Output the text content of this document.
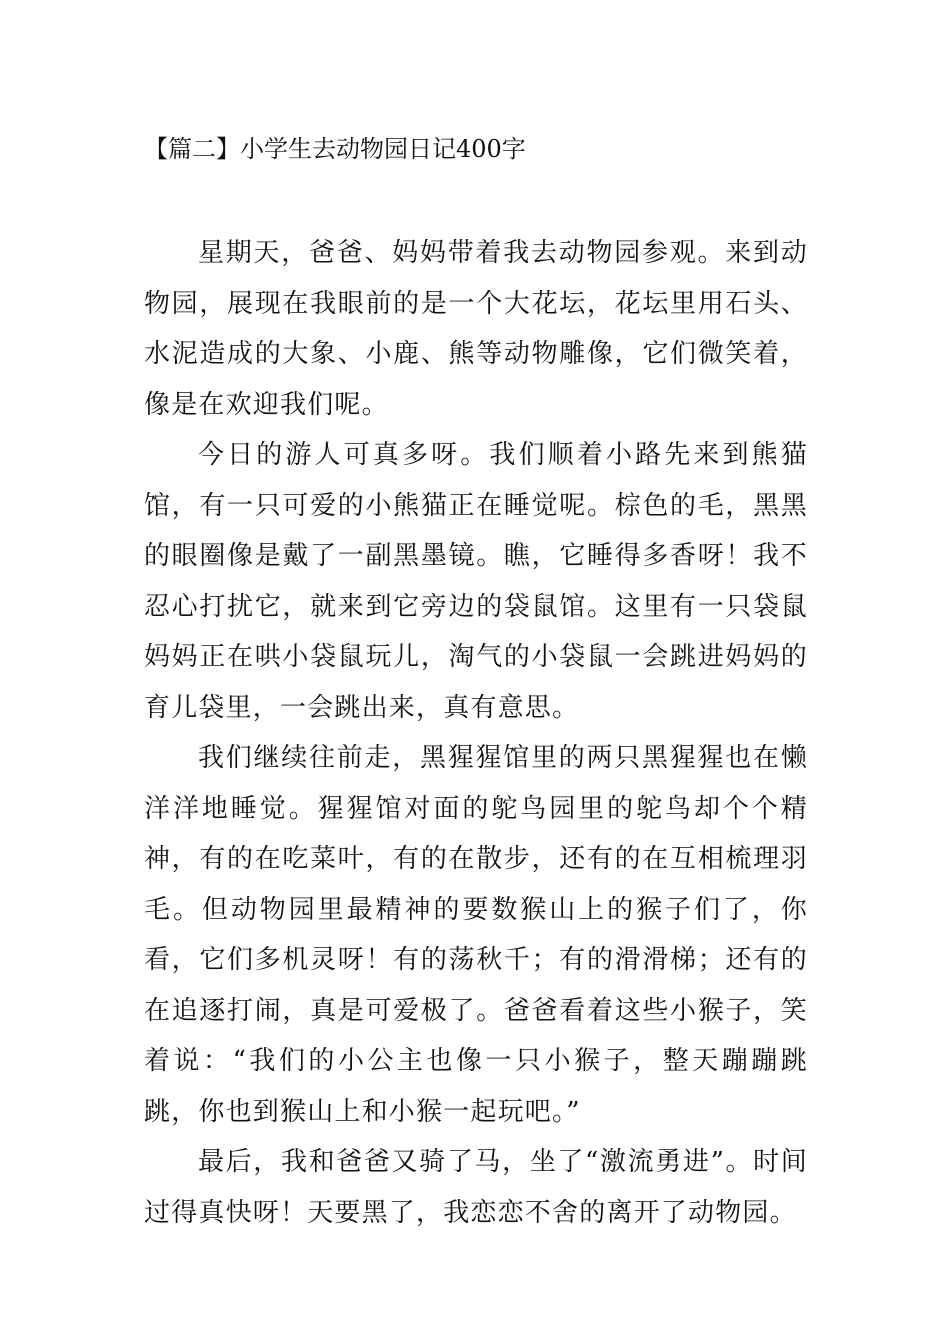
【篇二】小学生去动物园日记400字

星期天，爸爸、妈妈带着我去动物园参观。来到动物园，展现在我眼前的是一个大花坛，花坛里用石头、水泥造成的大象、小鹿、熊等动物雕像，它们微笑着，像是在欢迎我们呢。

今日的游人可真多呀。我们顺着小路先来到熊猫馆，有一只可爱的小熊猫正在睡觉呢。棕色的毛，黑黑的眼圈像是戴了一副黑墨镜。瞧，它睡得多香呀！我不忍心打扰它，就来到它旁边的袋鼠馆。这里有一只袋鼠妈妈正在哄小袋鼠玩儿，淘气的小袋鼠一会跳进妈妈的育儿袋里，一会跳出来，真有意思。

我们继续往前走，黑猩猩馆里的两只黑猩猩也在懒洋洋地睡觉。猩猩馆对面的鸵鸟园里的鸵鸟却个个精神，有的在吃菜叶，有的在散步，还有的在互相梳理羽毛。但动物园里最精神的要数猴山上的猴子们了，你看，它们多机灵呀！有的荡秋千；有的滑滑梯；还有的在追逐打闹，真是可爱极了。爸爸看着这些小猴子，笑着说：“我们的小公主也像一只小猴子，整天蹦蹦跳跳，你也到猴山上和小猴一起玩吧。”

最后，我和爸爸又骑了马，坐了“激流勇进”。时间过得真快呀！天要黑了，我恋恋不舍的离开了动物园。
